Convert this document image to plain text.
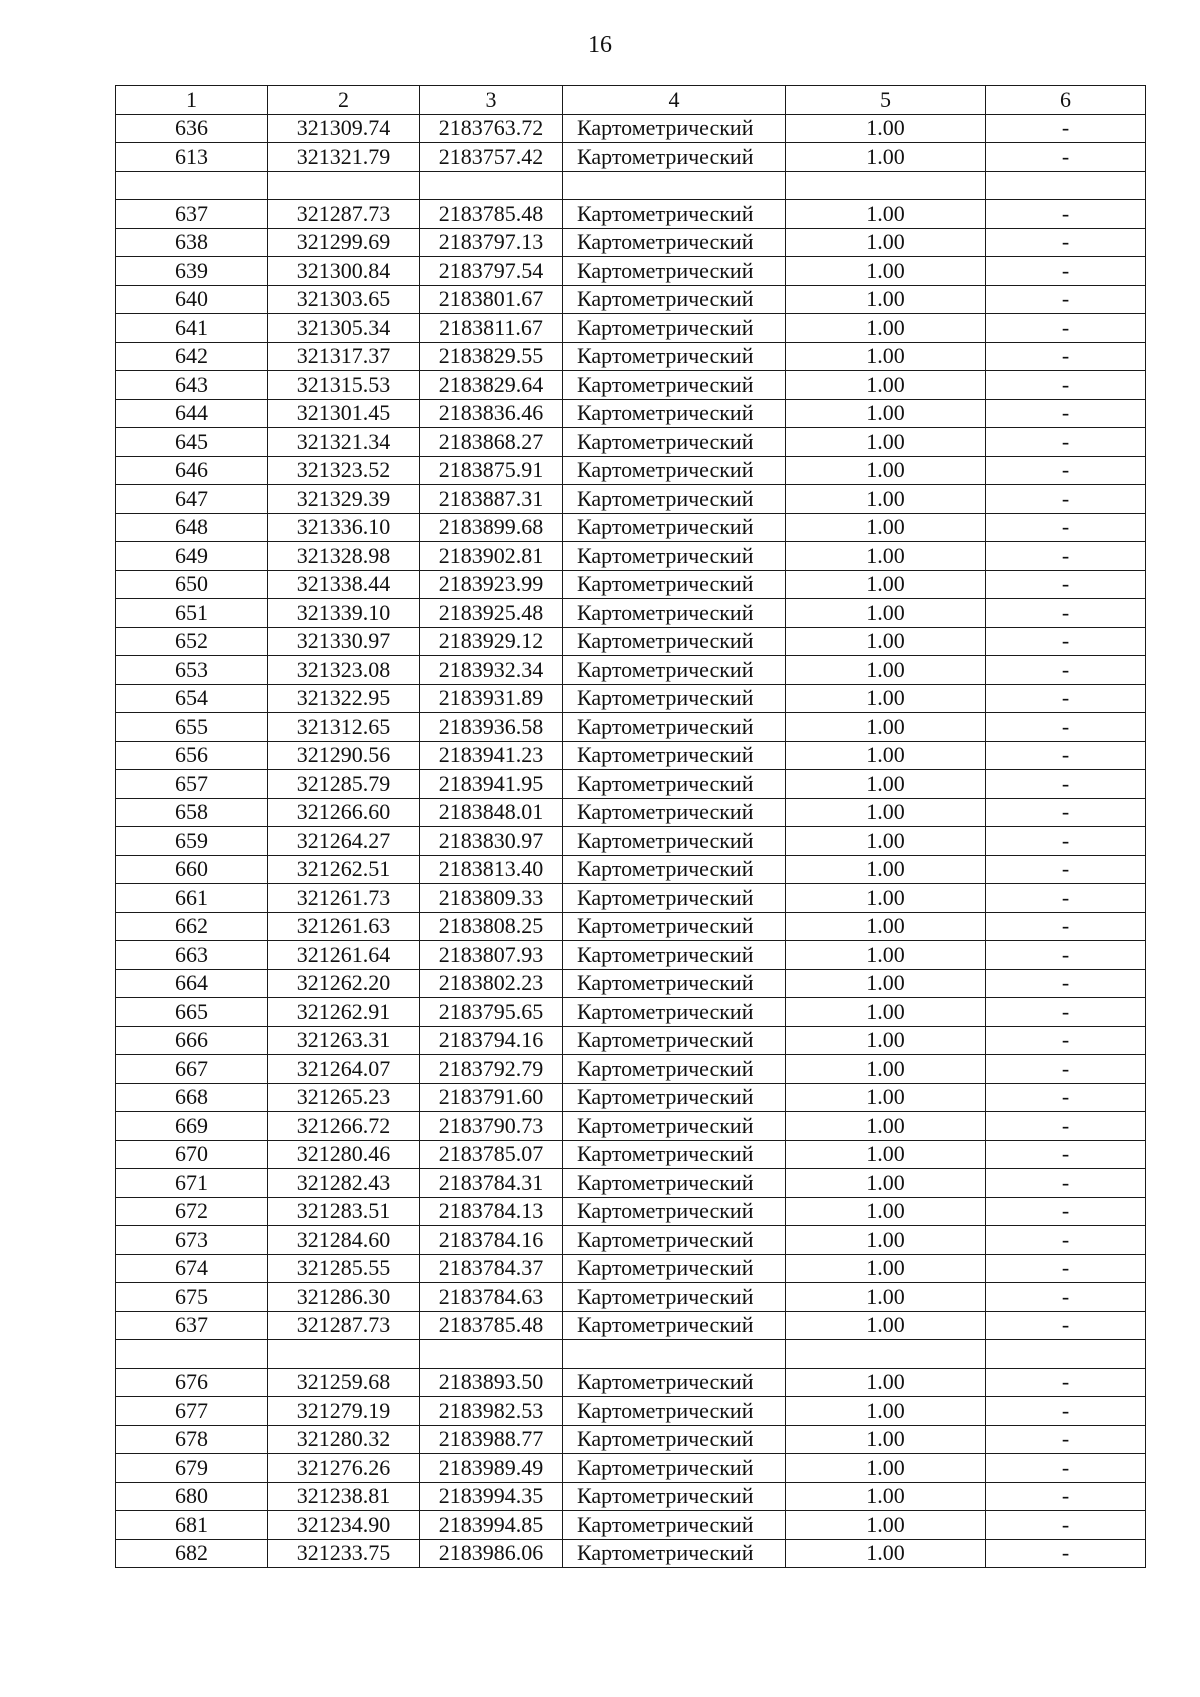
16
1	2	3	4	5	6
636	321309.74	2183763.72	Картометрический	1.00	-
613	321321.79	2183757.42	Картометрический	1.00	-

637	321287.73	2183785.48	Картометрический	1.00	-
638	321299.69	2183797.13	Картометрический	1.00	-
639	321300.84	2183797.54	Картометрический	1.00	-
640	321303.65	2183801.67	Картометрический	1.00	-
641	321305.34	2183811.67	Картометрический	1.00	-
642	321317.37	2183829.55	Картометрический	1.00	-
643	321315.53	2183829.64	Картометрический	1.00	-
644	321301.45	2183836.46	Картометрический	1.00	-
645	321321.34	2183868.27	Картометрический	1.00	-
646	321323.52	2183875.91	Картометрический	1.00	-
647	321329.39	2183887.31	Картометрический	1.00	-
648	321336.10	2183899.68	Картометрический	1.00	-
649	321328.98	2183902.81	Картометрический	1.00	-
650	321338.44	2183923.99	Картометрический	1.00	-
651	321339.10	2183925.48	Картометрический	1.00	-
652	321330.97	2183929.12	Картометрический	1.00	-
653	321323.08	2183932.34	Картометрический	1.00	-
654	321322.95	2183931.89	Картометрический	1.00	-
655	321312.65	2183936.58	Картометрический	1.00	-
656	321290.56	2183941.23	Картометрический	1.00	-
657	321285.79	2183941.95	Картометрический	1.00	-
658	321266.60	2183848.01	Картометрический	1.00	-
659	321264.27	2183830.97	Картометрический	1.00	-
660	321262.51	2183813.40	Картометрический	1.00	-
661	321261.73	2183809.33	Картометрический	1.00	-
662	321261.63	2183808.25	Картометрический	1.00	-
663	321261.64	2183807.93	Картометрический	1.00	-
664	321262.20	2183802.23	Картометрический	1.00	-
665	321262.91	2183795.65	Картометрический	1.00	-
666	321263.31	2183794.16	Картометрический	1.00	-
667	321264.07	2183792.79	Картометрический	1.00	-
668	321265.23	2183791.60	Картометрический	1.00	-
669	321266.72	2183790.73	Картометрический	1.00	-
670	321280.46	2183785.07	Картометрический	1.00	-
671	321282.43	2183784.31	Картометрический	1.00	-
672	321283.51	2183784.13	Картометрический	1.00	-
673	321284.60	2183784.16	Картометрический	1.00	-
674	321285.55	2183784.37	Картометрический	1.00	-
675	321286.30	2183784.63	Картометрический	1.00	-
637	321287.73	2183785.48	Картометрический	1.00	-

676	321259.68	2183893.50	Картометрический	1.00	-
677	321279.19	2183982.53	Картометрический	1.00	-
678	321280.32	2183988.77	Картометрический	1.00	-
679	321276.26	2183989.49	Картометрический	1.00	-
680	321238.81	2183994.35	Картометрический	1.00	-
681	321234.90	2183994.85	Картометрический	1.00	-
682	321233.75	2183986.06	Картометрический	1.00	-
